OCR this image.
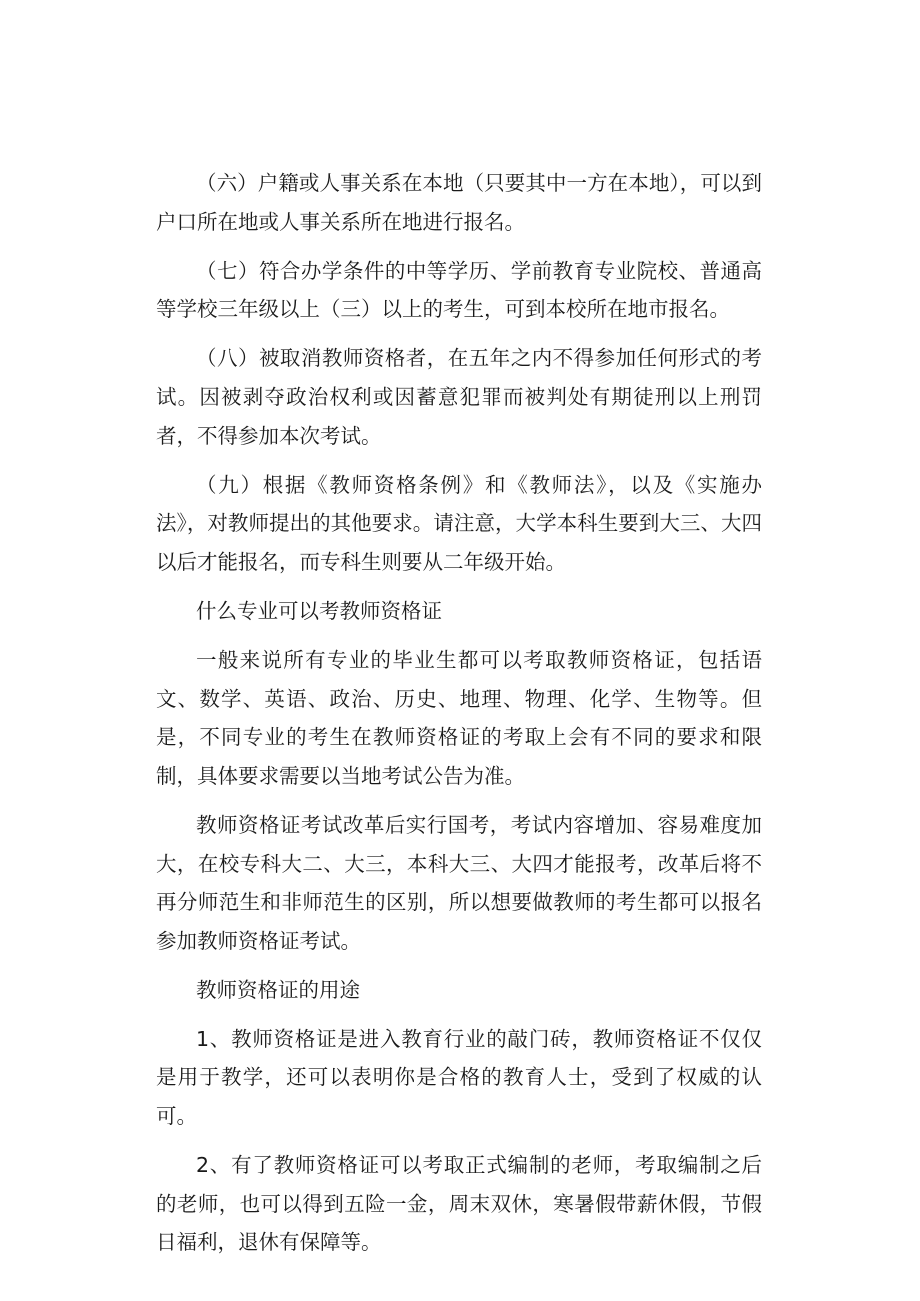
（六）户籍或人事关系在本地（只要其中一方在本地），可以到户口所在地或人事关系所在地进行报名。

（七）符合办学条件的中等学历、学前教育专业院校、普通高等学校三年级以上（三）以上的考生，可到本校所在地市报名。

（八）被取消教师资格者，在五年之内不得参加任何形式的考试。因被剥夺政治权利或因蓄意犯罪而被判处有期徒刑以上刑罚者，不得参加本次考试。

（九）根据《教师资格条例》和《教师法》，以及《实施办法》，对教师提出的其他要求。请注意，大学本科生要到大三、大四以后才能报名，而专科生则要从二年级开始。

什么专业可以考教师资格证

一般来说所有专业的毕业生都可以考取教师资格证，包括语文、数学、英语、政治、历史、地理、物理、化学、生物等。但是，不同专业的考生在教师资格证的考取上会有不同的要求和限制，具体要求需要以当地考试公告为准。

教师资格证考试改革后实行国考，考试内容增加、容易难度加大，在校专科大二、大三，本科大三、大四才能报考，改革后将不再分师范生和非师范生的区别，所以想要做教师的考生都可以报名参加教师资格证考试。

教师资格证的用途

1、教师资格证是进入教育行业的敲门砖，教师资格证不仅仅是用于教学，还可以表明你是合格的教育人士，受到了权威的认可。

2、有了教师资格证可以考取正式编制的老师，考取编制之后的老师，也可以得到五险一金，周末双休，寒暑假带薪休假，节假日福利，退休有保障等。
